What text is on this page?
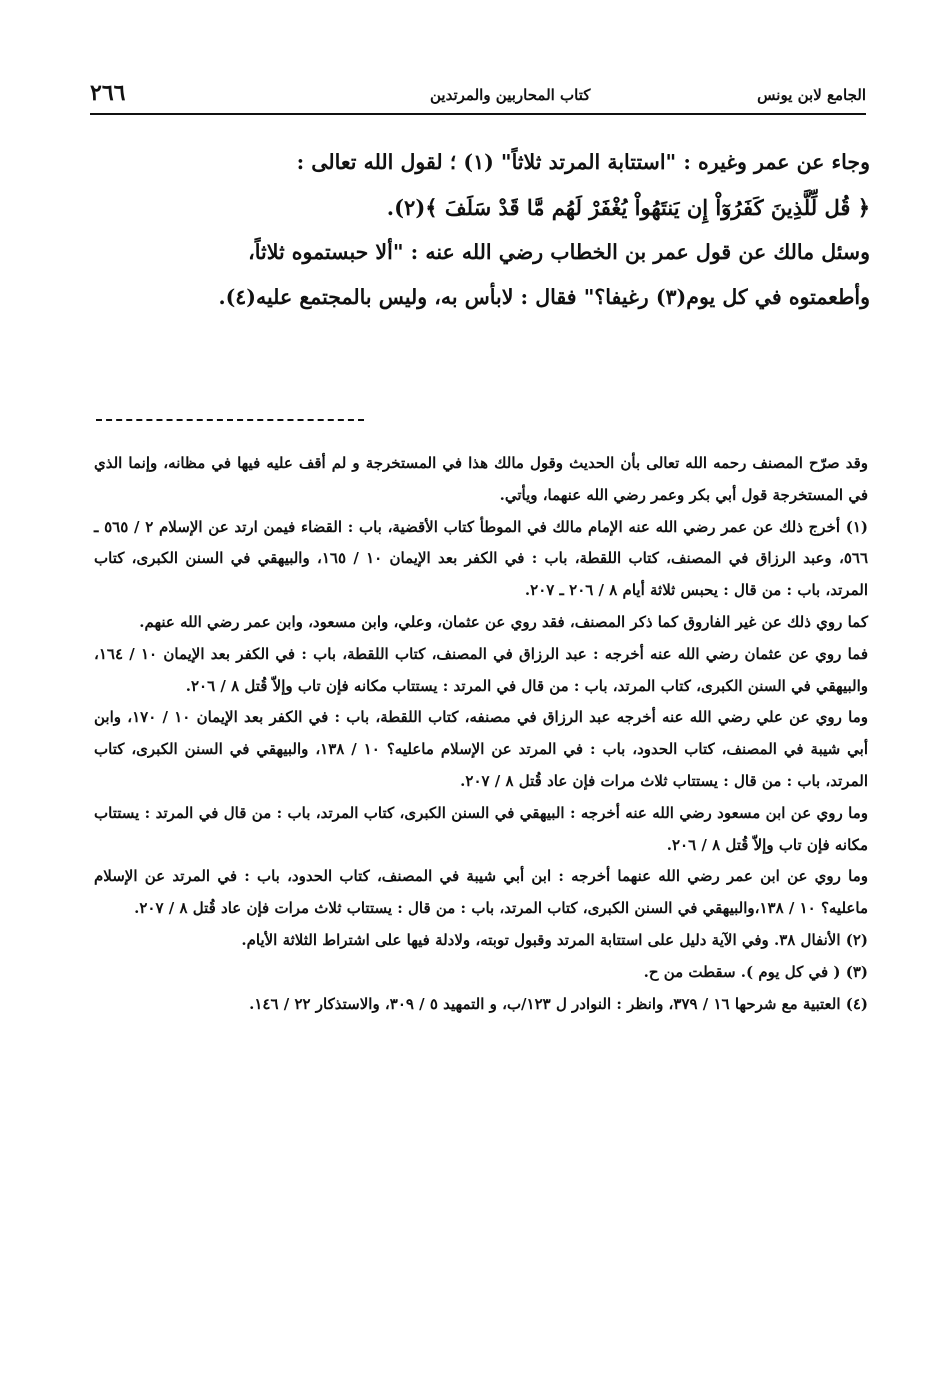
الجامع لابن يونس
كتاب المحاربين والمرتدين
٢٦٦

وجاء عن عمر وغيره : "استتابة المرتد ثلاثاً" (١) ؛ لقول الله تعالى :

﴿ قُل لِّلَّذِينَ كَفَرُوٓاْ إِن يَنتَهُواْ يُغْفَرْ لَهُم مَّا قَدْ سَلَفَ ﴾(٢).

وسئل مالك عن قول عمر بن الخطاب رضي الله عنه : "ألا حبستموه ثلاثاً،

وأطعمتوه في كل يوم(٣) رغيفا؟" فقال : لابأس به، وليس بالمجتمع عليه(٤).

وقد صرّح المصنف رحمه الله تعالى بأن الحديث وقول مالك هذا في المستخرجة و لم أقف عليه فيها في مظانه، وإنما الذي في المستخرجة قول أبي بكر وعمر رضي الله عنهما، ويأتي.

(١) أخرج ذلك عن عمر رضي الله عنه الإمام مالك في الموطأ كتاب الأقضية، باب : القضاء فيمن ارتد عن الإسلام ٢ / ٥٦٥ ـ ٥٦٦، وعبد الرزاق في المصنف، كتاب اللقطة، باب : في الكفر بعد الإيمان ١٠ / ١٦٥، والبيهقي في السنن الكبرى، كتاب المرتد، باب : من قال : يحبس ثلاثة أيام ٨ / ٢٠٦ ـ ٢٠٧.

كما روي ذلك عن غير الفاروق كما ذكر المصنف، فقد روي عن عثمان، وعلي، وابن مسعود، وابن عمر رضي الله عنهم.

فما روي عن عثمان رضي الله عنه أخرجه : عبد الرزاق في المصنف، كتاب اللقطة، باب : في الكفر بعد الإيمان ١٠ / ١٦٤، والبيهقي في السنن الكبرى، كتاب المرتد، باب : من قال في المرتد : يستتاب مكانه فإن تاب وإلاّ قُتل ٨ / ٢٠٦.

وما روي عن علي رضي الله عنه أخرجه عبد الرزاق في مصنفه، كتاب اللقطة، باب : في الكفر بعد الإيمان ١٠ / ١٧٠، وابن أبي شيبة في المصنف، كتاب الحدود، باب : في المرتد عن الإسلام ماعليه؟ ١٠ / ١٣٨، والبيهقي في السنن الكبرى، كتاب المرتد، باب : من قال : يستتاب ثلاث مرات فإن عاد قُتل ٨ / ٢٠٧.

وما روي عن ابن مسعود رضي الله عنه أخرجه : البيهقي في السنن الكبرى، كتاب المرتد، باب : من قال في المرتد : يستتاب مكانه فإن تاب وإلاّ قُتل ٨ / ٢٠٦.

وما روي عن ابن عمر رضي الله عنهما أخرجه : ابن أبي شيبة في المصنف، كتاب الحدود، باب : في المرتد عن الإسلام ماعليه؟ ١٠ / ١٣٨،والبيهقي في السنن الكبرى، كتاب المرتد، باب : من قال : يستتاب ثلاث مرات فإن عاد قُتل ٨ / ٢٠٧.

(٢) الأنفال ٣٨. وفي الآية دليل على استتابة المرتد وقبول توبته، ولادلة فيها على اشتراط الثلاثة الأيام.

(٣) ( في كل يوم ). سقطت من ح.

(٤) العتبية مع شرحها ١٦ / ٣٧٩، وانظر : النوادر ل ١٢٣/ب، و التمهيد ٥ / ٣٠٩، والاستذكار ٢٢ / ١٤٦.
